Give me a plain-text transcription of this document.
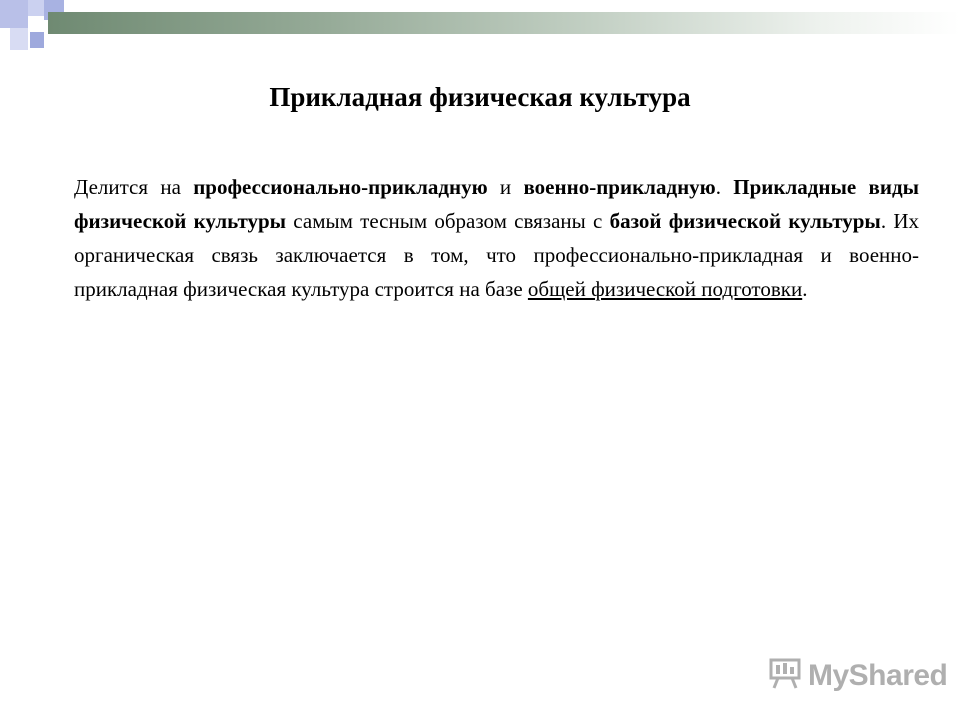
Прикладная физическая культура
Делится на профессионально-прикладную и военно-прикладную. Прикладные виды физической культуры самым тесным образом связаны с базой физической культуры. Их органическая связь заключается в том, что профессионально-прикладная и военно-прикладная физическая культура строится на базе общей физической подготовки.
MyShared
